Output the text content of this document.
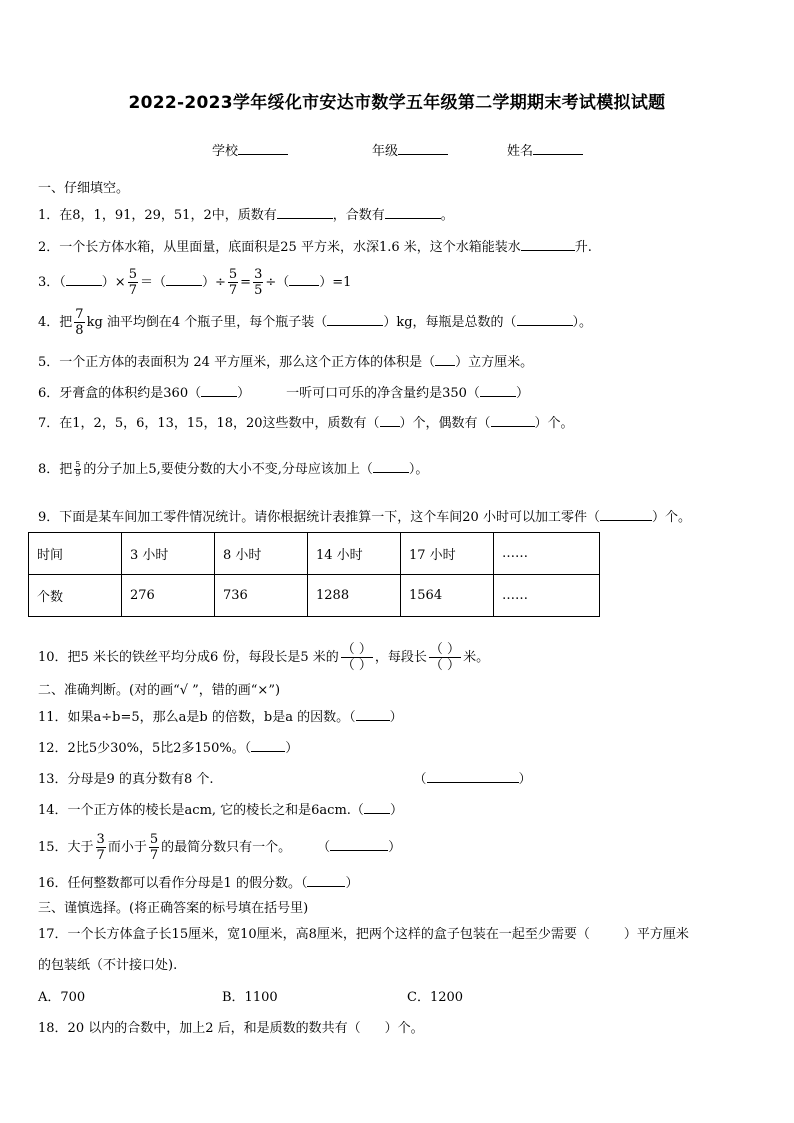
2022-2023学年绥化市安达市数学五年级第二学期期末考试模拟试题
学校	年级	姓名
一、仔细填空。
1．在8，1，91，29，51，2中，质数有	，合数有	。
2．一个长方体水箱，从里面量，底面积是25 平方米，水深1.6 米，这个水箱能装水	升.
3．（	）× $\frac{5}{7}$ ＝（	）÷ $\frac{5}{7} = \frac{3}{5}$ ÷（ ）=1
4．把 $\frac{7}{8}$ kg 油平均倒在4 个瓶子里，每个瓶子装（	）kg，每瓶是总数的（	）。
5．一个正方体的表面积为 24 平方厘米，那么这个正方体的体积是（ ）立方厘米。
6．牙膏盒的体积约是360（	）	一听可口可乐的净含量约是350（	）
7．在1，2，5，6，13，15，18，20这些数中，质数有（ ）个，偶数有（	）个。
8．把 $\frac{5}{9}$ 的分子加上5,要使分数的大小不变,分母应该加上（	）。
9．下面是某车间加工零件情况统计。请你根据统计表推算一下，这个车间20 小时可以加工零件（	）个。
时间	3 小时	8 小时	14 小时	17 小时	……
个数	276	736	1288	1564	……
10．把5 米长的铁丝平均分成6 份，每段长是5 米的 $\frac{( )}{( )}$ ，每段长 $\frac{( )}{( )}$ 米。
二、准确判断。(对的画“√ ”，错的画“×”)
11．如果a÷b=5，那么a是b 的倍数，b是a 的因数。（	）
12．2比5少30%，5比2多150%。（	）
13．分母是9 的真分数有8 个.	（	）
14．一个正方体的棱长是acm, 它的棱长之和是6acm.（ ）
15．大于 $\frac{3}{7}$ 而小于 $\frac{5}{7}$ 的最简分数只有一个。 （	）
16．任何整数都可以看作分母是1 的假分数。（	）
三、谨慎选择。(将正确答案的标号填在括号里)
17．一个长方体盒子长15厘米，宽10厘米，高8厘米，把两个这样的盒子包装在一起至少需要（	）平方厘米
的包装纸（不计接口处).
A．700	B．1100	C．1200
18．20 以内的合数中，加上2 后，和是质数的数共有（ ）个。
